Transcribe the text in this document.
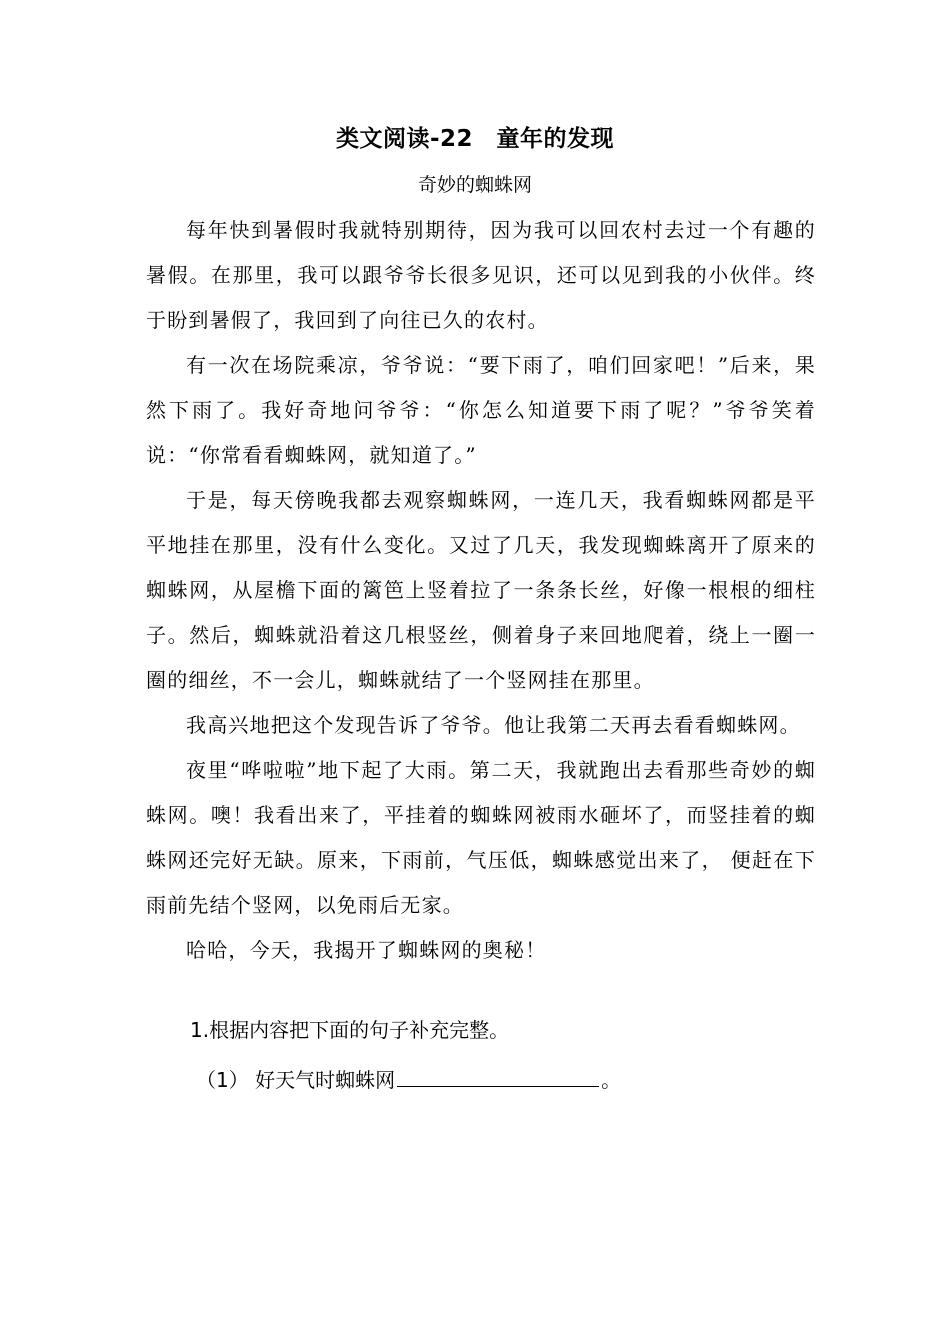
类文阅读-22　童年的发现
奇妙的蜘蛛网

每年快到暑假时我就特别期待，因为我可以回农村去过一个有趣的暑假。在那里，我可以跟爷爷长很多见识，还可以见到我的小伙伴。终于盼到暑假了，我回到了向往已久的农村。

有一次在场院乘凉，爷爷说：“要下雨了，咱们回家吧！”后来，果然下雨了。我好奇地问爷爷：“你怎么知道要下雨了呢？”爷爷笑着说：“你常看看蜘蛛网，就知道了。”

于是，每天傍晚我都去观察蜘蛛网，一连几天，我看蜘蛛网都是平平地挂在那里，没有什么变化。又过了几天，我发现蜘蛛离开了原来的蜘蛛网，从屋檐下面的篱笆上竖着拉了一条条长丝，好像一根根的细柱子。然后，蜘蛛就沿着这几根竖丝，侧着身子来回地爬着，绕上一圈一圈的细丝，不一会儿，蜘蛛就结了一个竖网挂在那里。

我高兴地把这个发现告诉了爷爷。他让我第二天再去看看蜘蛛网。

夜里“哗啦啦”地下起了大雨。第二天，我就跑出去看那些奇妙的蜘蛛网。噢！我看出来了，平挂着的蜘蛛网被雨水砸坏了，而竖挂着的蜘蛛网还完好无缺。原来，下雨前，气压低，蜘蛛感觉出来了， 便赶在下雨前先结个竖网，以免雨后无家。

哈哈，今天，我揭开了蜘蛛网的奥秘！

1.根据内容把下面的句子补充完整。
（1） 好天气时蜘蛛网	。
